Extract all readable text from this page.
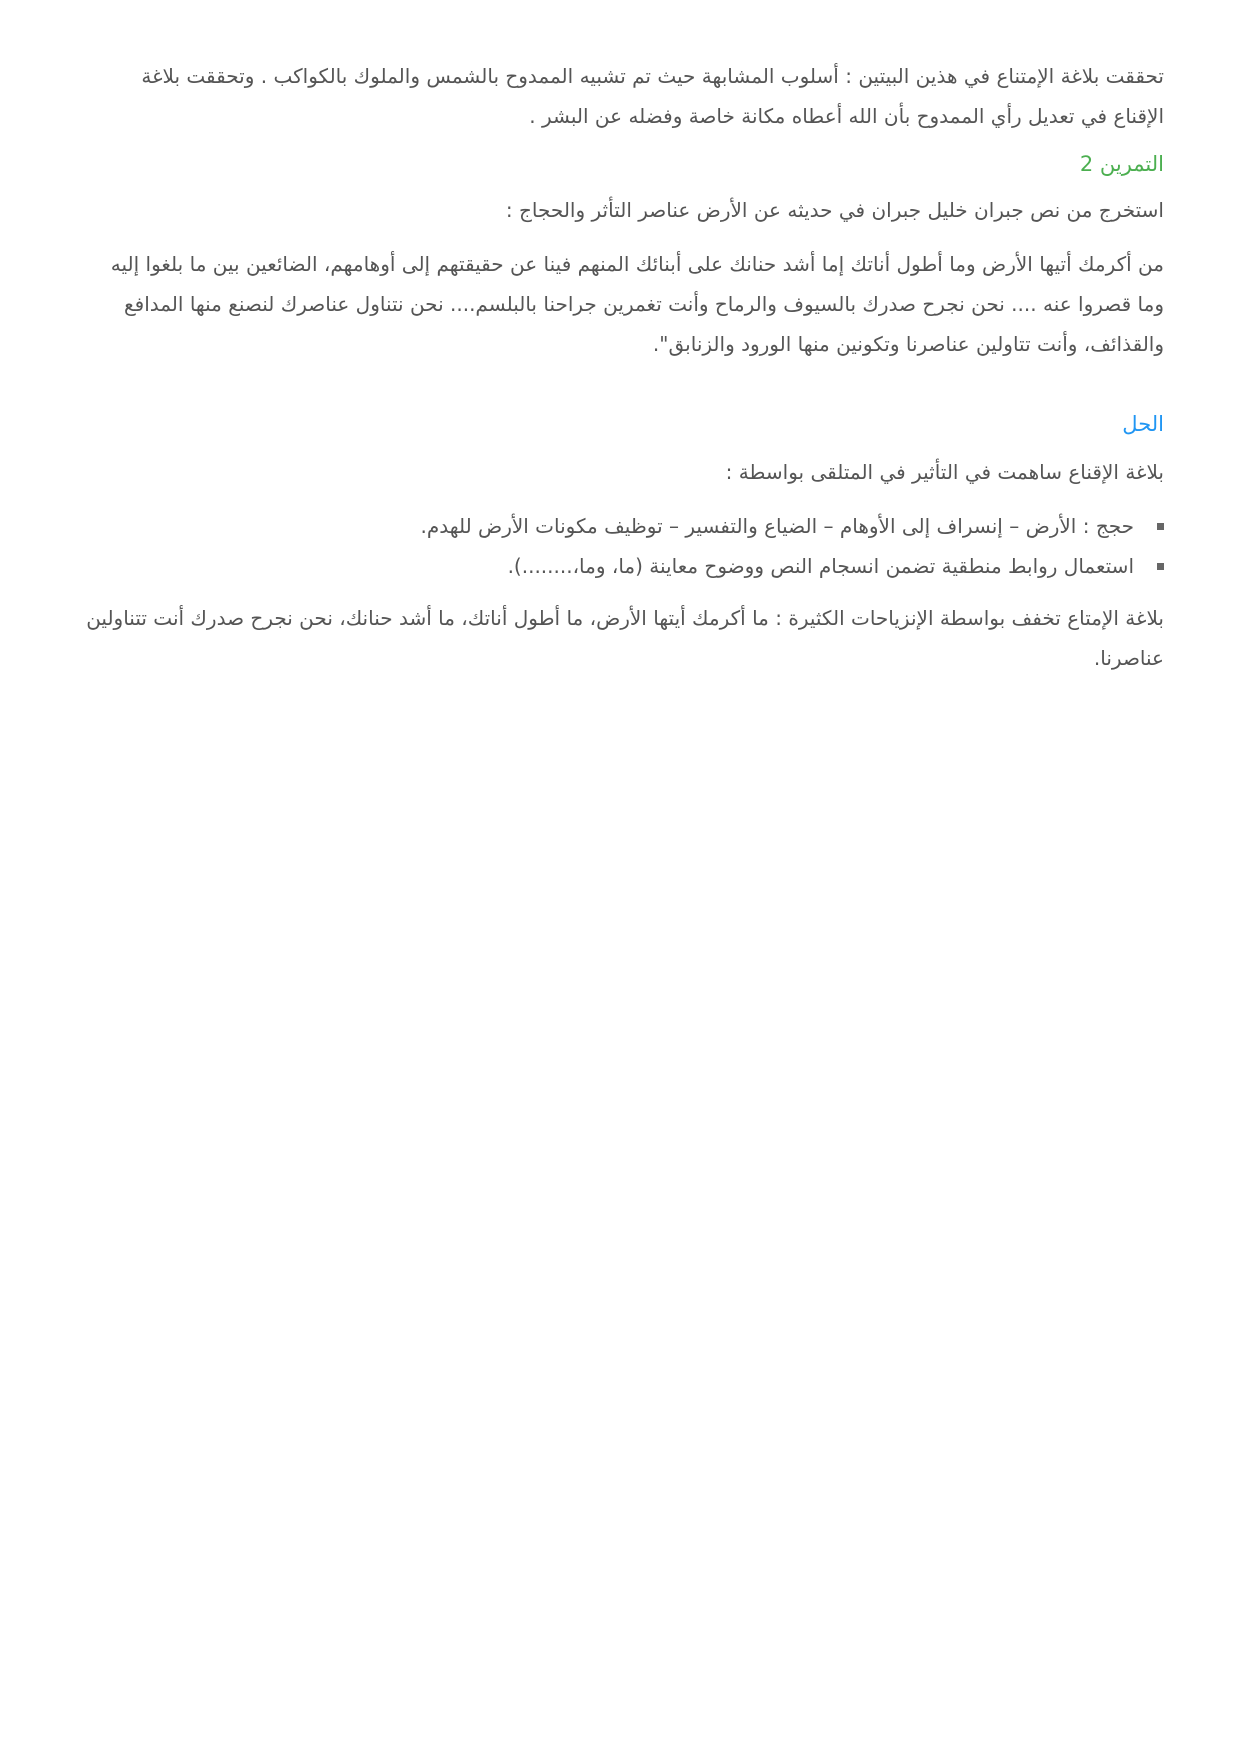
تحققت بلاغة الإمتناع في هذين البيتين : أسلوب المشابهة حيث تم تشبيه الممدوح بالشمس والملوك بالكواكب . وتحققت بلاغة الإقناع في تعديل رأي الممدوح بأن الله أعطاه مكانة خاصة وفضله عن البشر .

التمرين 2

استخرج من نص جبران خليل جبران في حديثه عن الأرض عناصر التأثر والحجاج :

من أكرمك أتيها الأرض وما أطول أناتك إما أشد حنانك على أبنائك المنهم فينا عن حقيقتهم إلى أوهامهم، الضائعين بين ما بلغوا إليه وما قصروا عنه .... نحن نجرح صدرك بالسيوف والرماح وأنت تغمرين جراحنا بالبلسم.... نحن نتناول عناصرك لنصنع منها المدافع والقذائف، وأنت تتاولين عناصرنا وتكونين منها الورود والزنابق".

الحل

بلاغة الإقناع ساهمت في التأثير في المتلقى بواسطة :

حجج : الأرض – إنسراف إلى الأوهام – الضياع والتفسير – توظيف مكونات الأرض للهدم.
استعمال روابط منطقية تضمن انسجام النص ووضوح معاينة (ما، وما،........).

بلاغة الإمتاع تخفف بواسطة الإنزياحات الكثيرة : ما أكرمك أيتها الأرض، ما أطول أناتك، ما أشد حنانك، نحن نجرح صدرك أنت تتناولين عناصرنا.
